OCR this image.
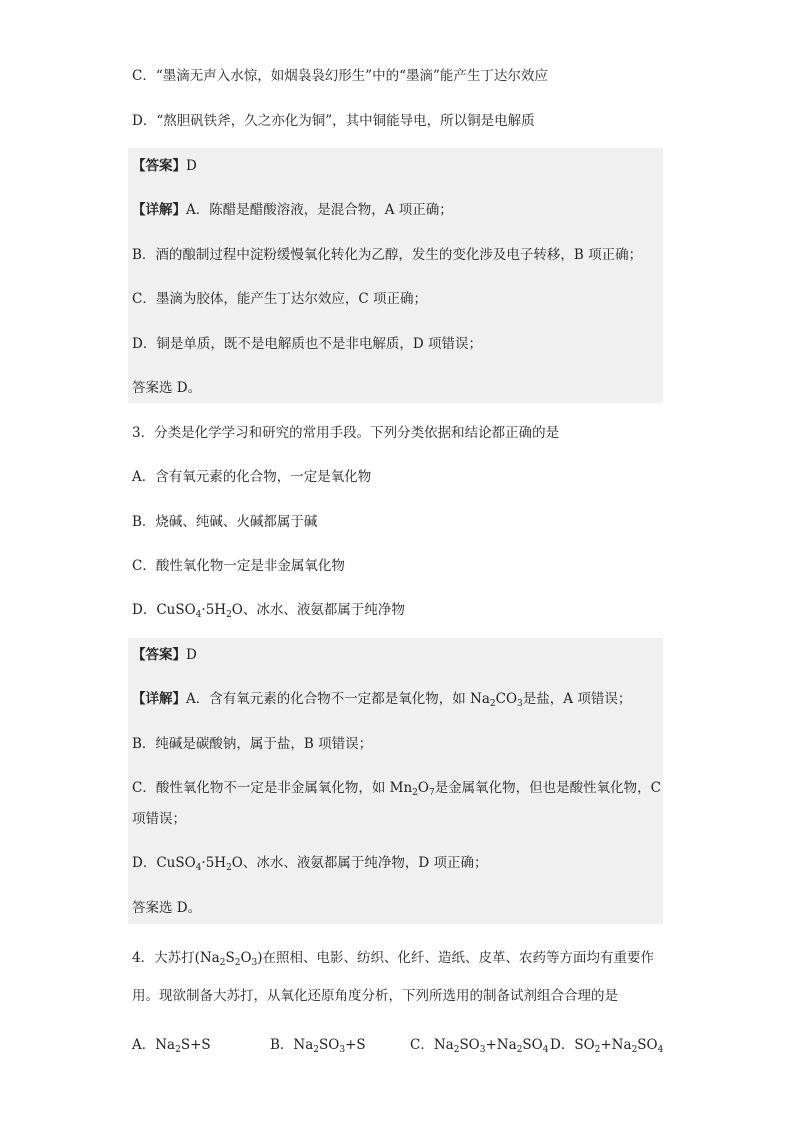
C．“墨滴无声入水惊，如烟袅袅幻形生”中的“墨滴”能产生丁达尔效应
D．“熬胆矾铁斧，久之亦化为铜”，其中铜能导电，所以铜是电解质
【答案】D
【详解】A．陈醋是醋酸溶液，是混合物，A 项正确；
B．酒的酿制过程中淀粉缓慢氧化转化为乙醇，发生的变化涉及电子转移，B 项正确；
C．墨滴为胶体，能产生丁达尔效应，C 项正确；
D．铜是单质，既不是电解质也不是非电解质，D 项错误；
答案选 D。
3．分类是化学学习和研究的常用手段。下列分类依据和结论都正确的是
A．含有氧元素的化合物，一定是氧化物
B．烧碱、纯碱、火碱都属于碱
C．酸性氧化物一定是非金属氧化物
D．$CuSO_4\cdot 5H_2O$、冰水、液氨都属于纯净物
【答案】D
【详解】A．含有氧元素的化合物不一定都是氧化物，如 $Na_2CO_3$是盐，A 项错误；
B．纯碱是碳酸钠，属于盐，B 项错误；
C．酸性氧化物不一定是非金属氧化物，如 $Mn_2O_7$是金属氧化物，但也是酸性氧化物，C
项错误；
D．$CuSO_4\cdot 5H_2O$、冰水、液氨都属于纯净物，D 项正确；
答案选 D。
4．大苏打$(Na_2S_2O_3)$在照相、电影、纺织、化纤、造纸、皮革、农药等方面均有重要作
用。现欲制备大苏打，从氧化还原角度分析，下列所选用的制备试剂组合合理的是
A．$Na_2S+S$	B．$Na_2SO_3+S$	C．$Na_2SO_3+Na_2SO_4$ D．$SO_2+Na_2SO_4$
